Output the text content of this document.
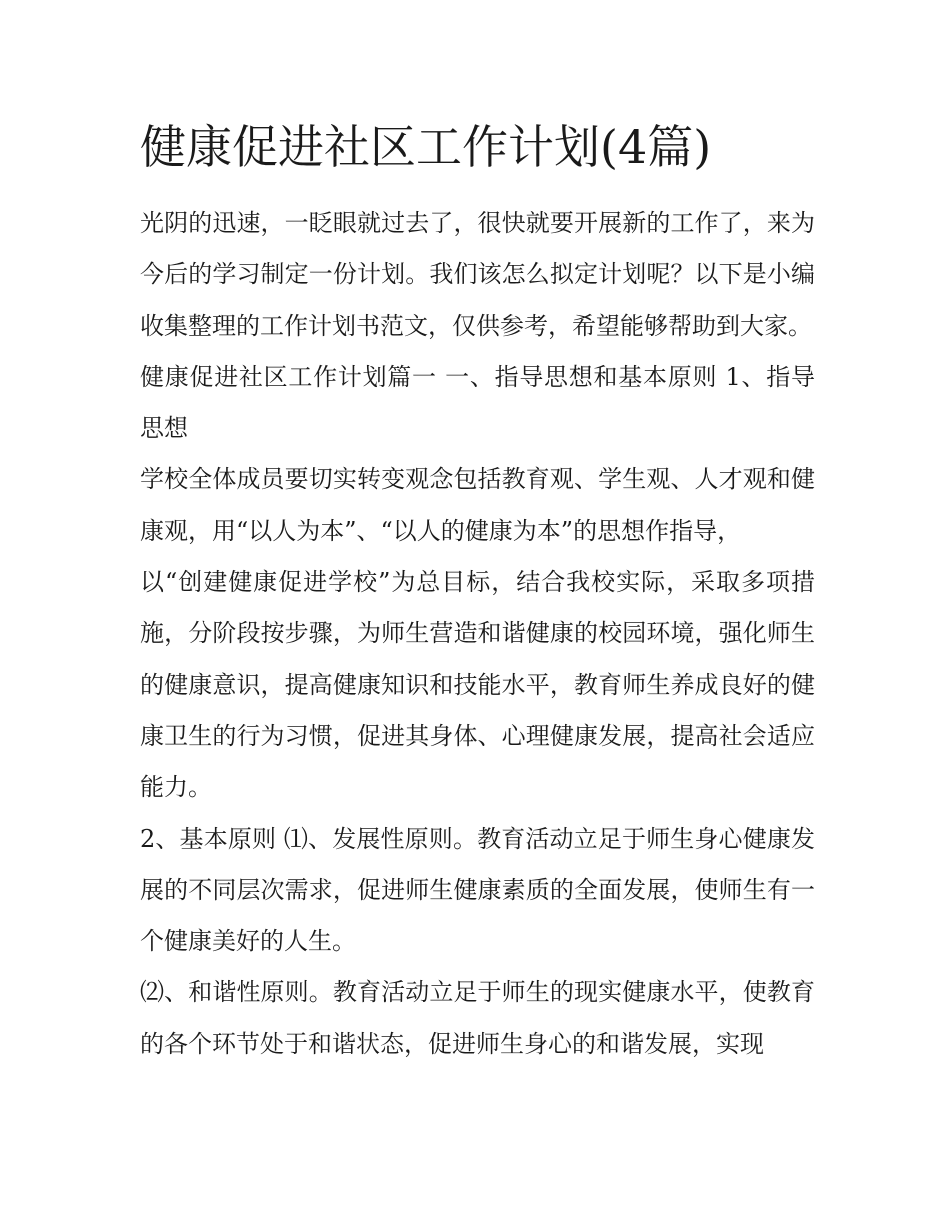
健康促进社区工作计划(4篇)

光阴的迅速，一眨眼就过去了，很快就要开展新的工作了，来为今后的学习制定一份计划。我们该怎么拟定计划呢？以下是小编收集整理的工作计划书范文，仅供参考，希望能够帮助到大家。

健康促进社区工作计划篇一 一、指导思想和基本原则 1、指导思想

学校全体成员要切实转变观念包括教育观、学生观、人才观和健康观，用“以人为本”、“以人的健康为本”的思想作指导，

以“创建健康促进学校”为总目标，结合我校实际，采取多项措施，分阶段按步骤，为师生营造和谐健康的校园环境，强化师生的健康意识，提高健康知识和技能水平，教育师生养成良好的健康卫生的行为习惯，促进其身体、心理健康发展，提高社会适应能力。

2、基本原则 ⑴、发展性原则。教育活动立足于师生身心健康发展的不同层次需求，促进师生健康素质的全面发展，使师生有一个健康美好的人生。

⑵、和谐性原则。教育活动立足于师生的现实健康水平，使教育的各个环节处于和谐状态，促进师生身心的和谐发展，实现
